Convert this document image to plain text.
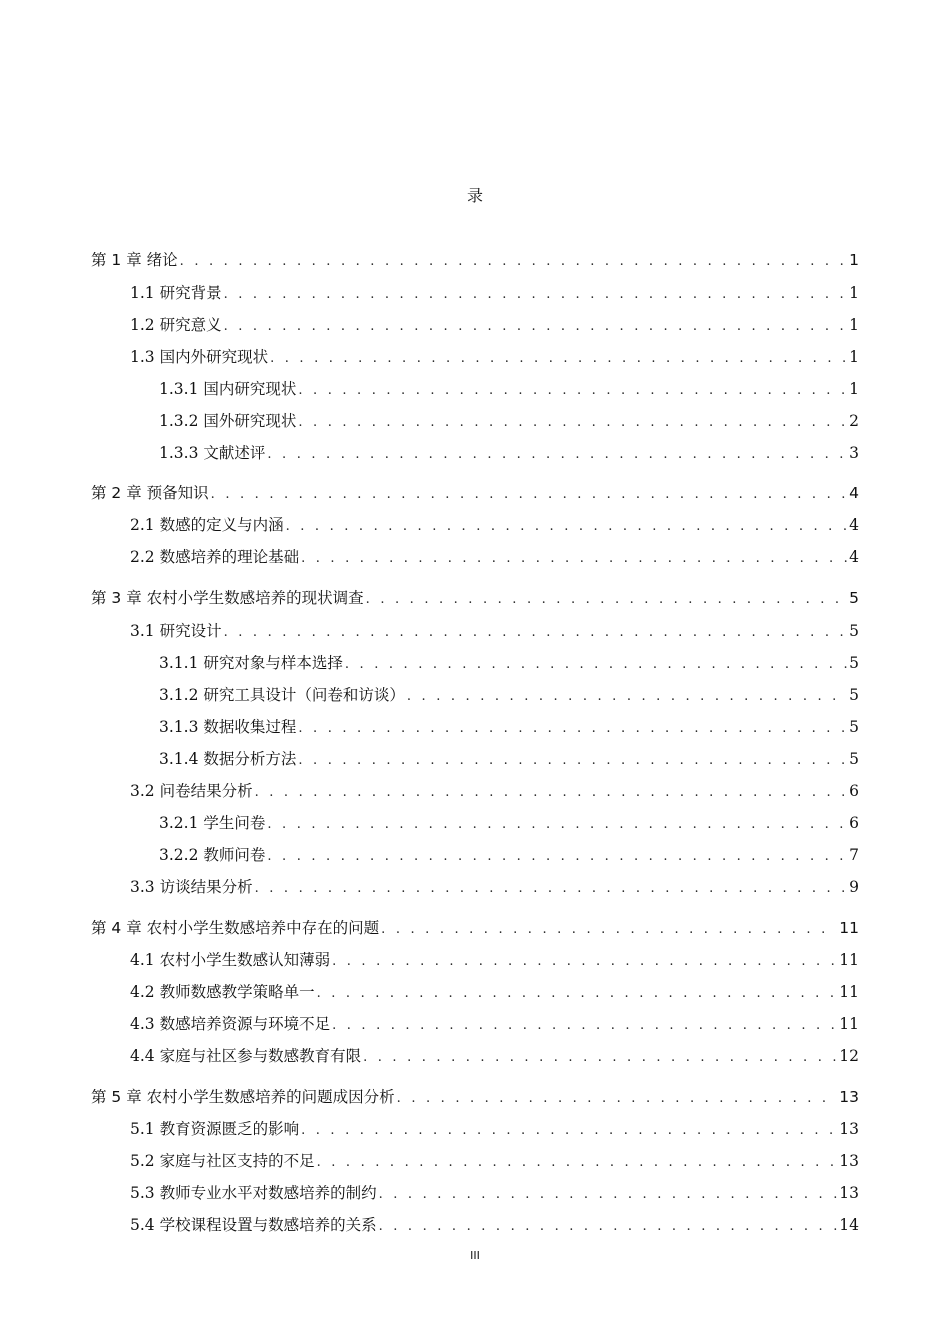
录
第 1 章 绪论 . . .	1
1.1 研究背景 . . .	1
1.2 研究意义 . . .	1
1.3 国内外研究现状 . . .	1
1.3.1 国内研究现状 . . .	1
1.3.2 国外研究现状 . . .	2
1.3.3 文献述评 . . .	3
第 2 章 预备知识 . . .	4
2.1 数感的定义与内涵 . . .	4
2.2 数感培养的理论基础 . . .	4
第 3 章 农村小学生数感培养的现状调查 . . .	5
3.1 研究设计 . . .	5
3.1.1 研究对象与样本选择 . . .	5
3.1.2 研究工具设计（问卷和访谈） . . .	5
3.1.3 数据收集过程 . . .	5
3.1.4 数据分析方法 . . .	5
3.2 问卷结果分析 . . .	6
3.2.1 学生问卷 . . .	6
3.2.2 教师问卷 . . .	7
3.3 访谈结果分析 . . .	9
第 4 章 农村小学生数感培养中存在的问题 . . .	11
4.1 农村小学生数感认知薄弱 . . .	11
4.2 教师数感教学策略单一 . . .	11
4.3 数感培养资源与环境不足 . . .	11
4.4 家庭与社区参与数感教育有限 . . .	12
第 5 章 农村小学生数感培养的问题成因分析 . . .	13
5.1 教育资源匮乏的影响 . . .	13
5.2 家庭与社区支持的不足 . . .	13
5.3 教师专业水平对数感培养的制约 . . .	13
5.4 学校课程设置与数感培养的关系 . . .	14
III
